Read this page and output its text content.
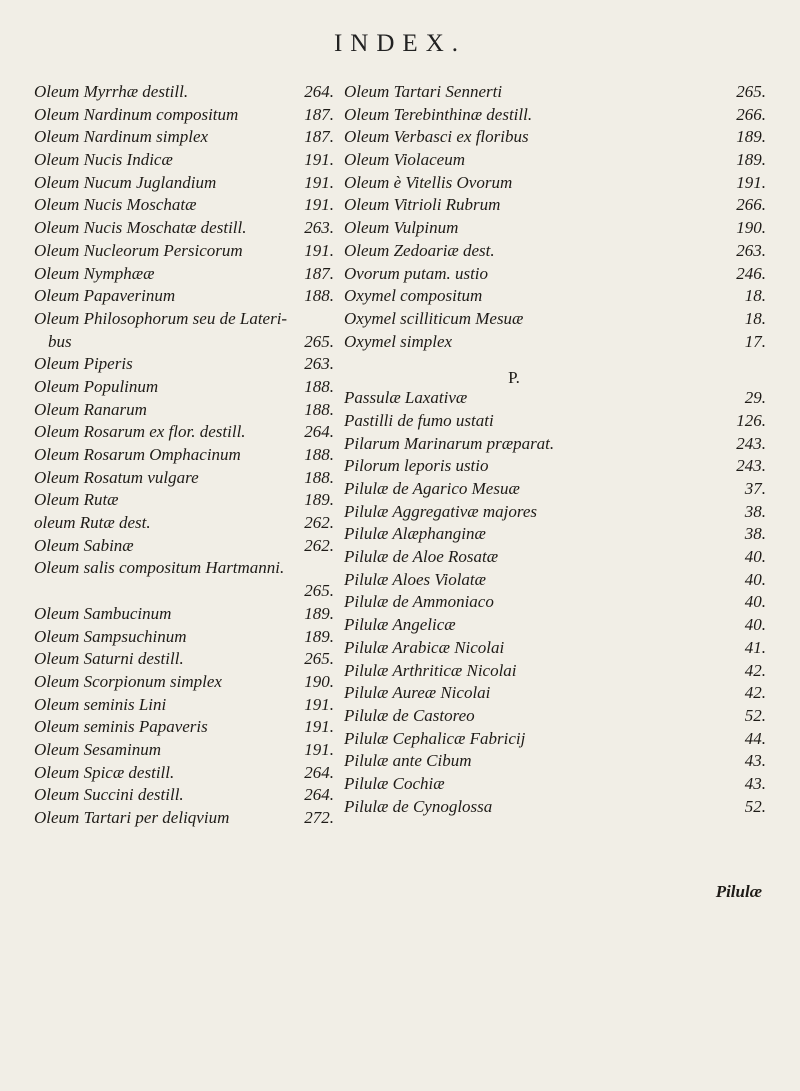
INDEX.
Oleum Myrrhæ destill.	264.
Oleum Nardinum compositum	187.
Oleum Nardinum simplex	187.
Oleum Nucis Indicæ	191.
Oleum Nucum Juglandium	191.
Oleum Nucis Moschatæ	191.
Oleum Nucis Moschatæ destill.	263.
Oleum Nucleorum Persicorum	191.
Oleum Nymphææ	187.
Oleum Papaverinum	188.
Oleum Philosophorum seu de Lateri-
bus	265.
Oleum Piperis	263.
Oleum Populinum	188.
Oleum Ranarum	188.
Oleum Rosarum ex flor. destill.	264.
Oleum Rosarum Omphacinum	188.
Oleum Rosatum vulgare	188.
Oleum Rutæ	189.
oleum Rutæ dest.	262.
Oleum Sabinæ	262.
Oleum salis compositum Hartmanni.
265.
Oleum Sambucinum	189.
Oleum Sampsuchinum	189.
Oleum Saturni destill.	265.
Oleum Scorpionum simplex	190.
Oleum seminis Lini	191.
Oleum seminis Papaveris	191.
Oleum Sesaminum	191.
Oleum Spicæ destill.	264.
Oleum Succini destill.	264.
Oleum Tartari per deliqvium	272.
Oleum Tartari Sennerti	265.
Oleum Terebinthinæ destill.	266.
Oleum Verbasci ex floribus	189.
Oleum Violaceum	189.
Oleum è Vitellis Ovorum	191.
Oleum Vitrioli Rubrum	266.
Oleum Vulpinum	190.
Oleum Zedoariæ dest.	263.
Ovorum putam. ustio	246.
Oxymel compositum	18.
Oxymel scilliticum Mesuæ	18.
Oxymel simplex	17.
P.
Passulæ Laxativæ	29.
Pastilli de fumo ustati	126.
Pilarum Marinarum præparat.	243.
Pilorum leporis ustio	243.
Pilulæ de Agarico Mesuæ	37.
Pilulæ Aggregativæ majores	38.
Pilulæ Alæphanginæ	38.
Pilulæ de Aloe Rosatæ	40.
Pilulæ Aloes Violatæ	40.
Pilulæ de Ammoniaco	40.
Pilulæ Angelicæ	40.
Pilulæ Arabicæ Nicolai	41.
Pilulæ Arthriticæ Nicolai	42.
Pilulæ Aureæ Nicolai	42.
Pilulæ de Castoreo	52.
Pilulæ Cephalicæ Fabricij	44.
Pilulæ ante Cibum	43.
Pilulæ Cochiæ	43.
Pilulæ de Cynoglossa	52.
Pilulæ
